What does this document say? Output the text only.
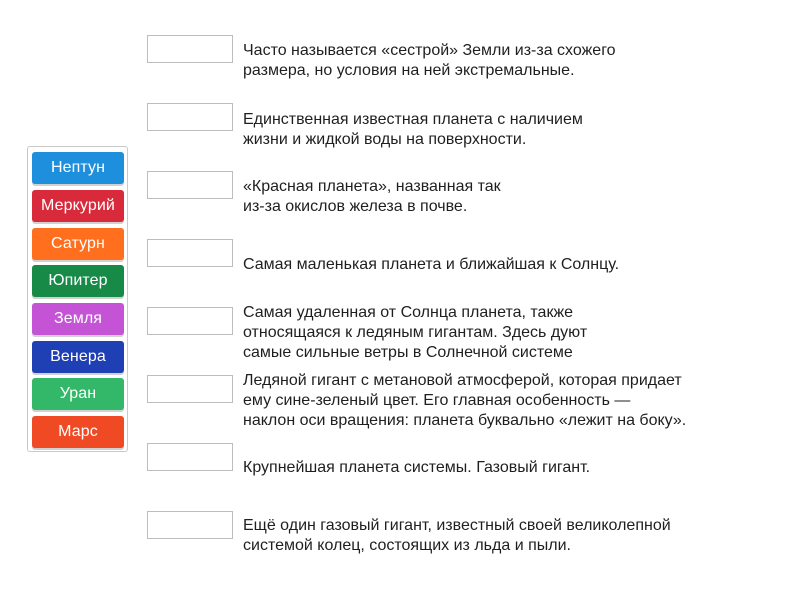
Нептун
Меркурий
Сатурн
Юпитер
Земля
Венера
Уран
Марс
Часто называется «сестрой» Земли из-за схожего
размера, но условия на ней экстремальные.
Единственная известная планета с наличием
жизни и жидкой воды на поверхности.
«Красная планета», названная так
из-за окислов железа в почве.
Самая маленькая планета и ближайшая к Солнцу.
Самая удаленная от Солнца планета, также
относящаяся к ледяным гигантам. Здесь дуют
самые сильные ветры в Солнечной системе
Ледяной гигант с метановой атмосферой, которая придает
ему сине-зеленый цвет. Его главная особенность —
наклон оси вращения: планета буквально «лежит на боку».
Крупнейшая планета системы. Газовый гигант.
Ещё один газовый гигант, известный своей великолепной
системой колец, состоящих из льда и пыли.
